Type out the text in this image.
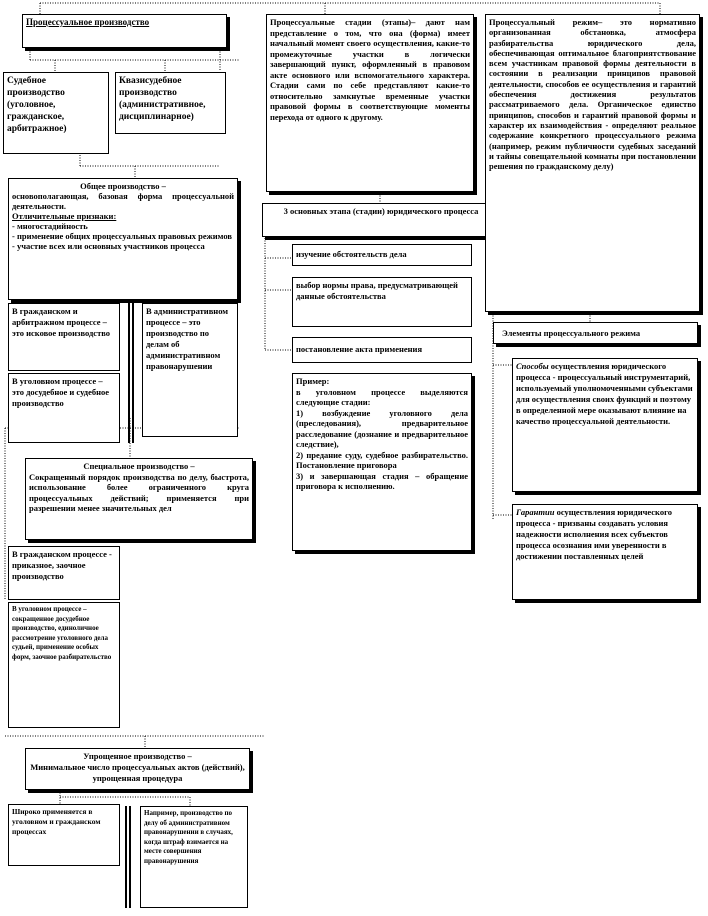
Процессуальное производство
Судебное производство (уголовное, гражданское, арбитражное)
Квазисудебное производство (административное, дисциплинарное)
Общее производство –
основополагающая, базовая форма процессуальной деятельности.
Отличительные признаки:
- многостадийность
- применение общих процессуальных правовых режимов
- участие всех или основных участников процесса
В гражданском и арбитражном процессе – это исковое производство
В уголовном процессе – это досудебное и судебное производство
В административном процессе – это производство по делам об административном правонарушении
Специальное производство –
Сокращенный порядок производства по делу, быстрота, использование более ограниченного круга процессуальных действий; применяется при разрешении менее значительных дел
В гражданском процессе - приказное, заочное производство
В уголовном процессе – сокращенное досудебное производство, единоличное рассмотрение уголовного дела судьей, применение особых форм, заочное разбирательство
Упрощенное производство –
Минимальное число процессуальных актов (действий), упрощенная процедура
Широко применяется в уголовном и гражданском процессах
Например, производство по делу об административном правонарушении в случаях, когда штраф взимается на месте совершения правонарушения
Процессуальные стадии (этапы)– дают нам представление о том, что она (форма) имеет начальный момент своего осуществления, какие-то промежуточные участки в логически завершающий пункт, оформленный в правовом акте основного или вспомогательного характера. Стадии сами по себе представляют какие-то относительно замкнутые временные участки правовой формы в соответствующие моменты перехода от одного к другому.
3 основных этапа (стадии) юридического процесса
изучение обстоятельств дела
выбор нормы права, предусматривающей данные обстоятельства
постановление акта применения
Пример:
в уголовном процессе выделяются следующие стадии:
1) возбуждение уголовного дела (преследования), предварительное расследование (дознание и предварительное следствие),
2) предание суду, судебное разбирательство. Постановление приговора
3) и завершающая стадия – обращение приговора к исполнению.
Процессуальный режим– это нормативно организованная обстановка, атмосфера разбирательства юридического дела, обеспечивающая оптимальное благоприятствование всем участникам правовой формы деятельности в состоянии в реализации принципов правовой деятельности, способов ее осуществления и гарантий обеспечения достижения результатов рассматриваемого дела. Органическое единство принципов, способов и гарантий правовой формы и характер их взаимодействия - определяют реальное содержание конкретного процессуального режима (например, режим публичности судебных заседаний и тайны совещательной комнаты при постановлении решения по гражданскому делу)
Элементы процессуального режима
Способы осуществления юридического процесса - процессуальный инструментарий, используемый уполномоченными субъектами для осуществления своих функций и поэтому в определенной мере оказывают влияние на качество процессуальной деятельности.
Гарантии осуществления юридического процесса - призваны создавать условия надежности исполнения всех субъектов процесса осознания ими уверенности в достижении поставленных целей
